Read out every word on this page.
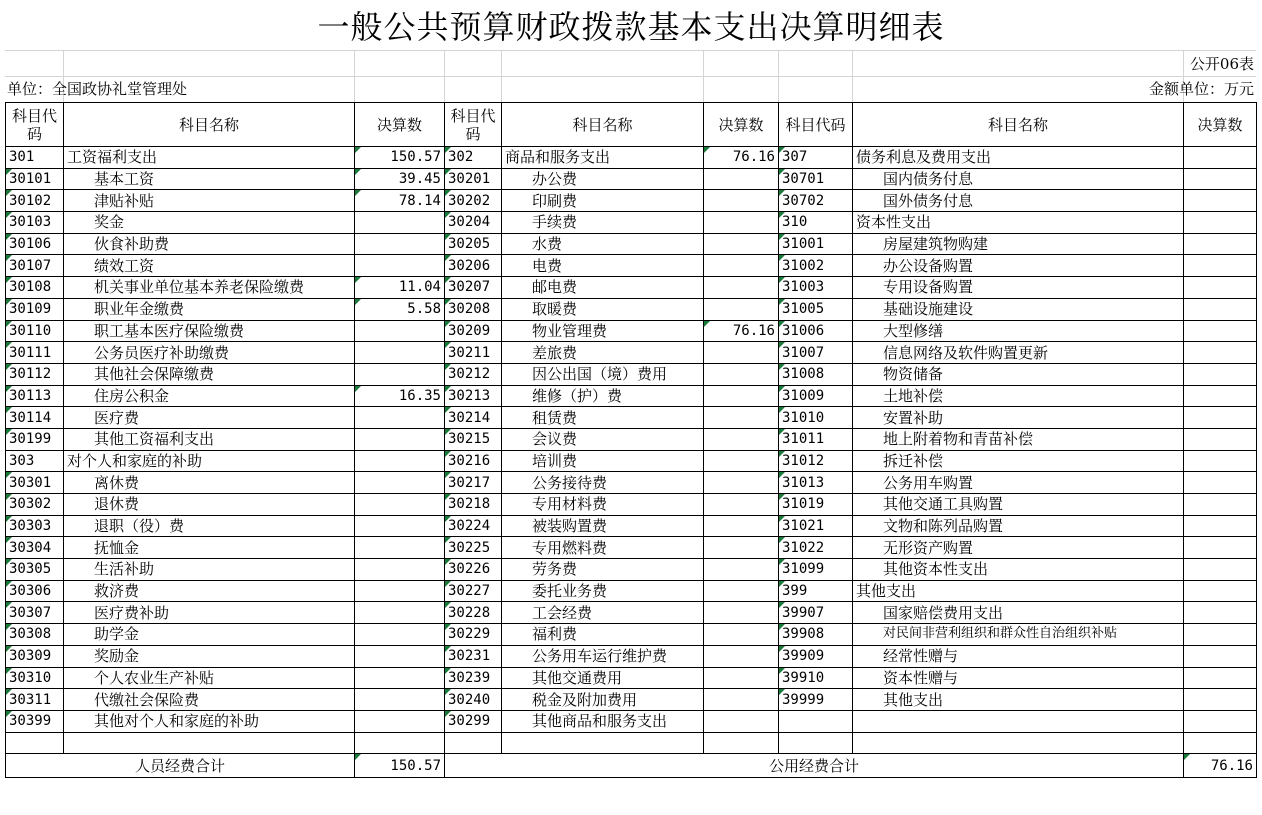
一般公共预算财政拨款基本支出决算明细表
公开06表
单位：全国政协礼堂管理处	金额单位：万元
科目代码	科目名称	决算数	科目代码	科目名称	决算数	科目代码	科目名称	决算数
301	工资福利支出	150.57	302	商品和服务支出	76.16	307	债务利息及费用支出	
30101	基本工资	39.45	30201	办公费		30701	国内债务付息	
30102	津贴补贴	78.14	30202	印刷费		30702	国外债务付息	
30103	奖金		30204	手续费		310	资本性支出	
30106	伙食补助费		30205	水费		31001	房屋建筑物购建	
30107	绩效工资		30206	电费		31002	办公设备购置	
30108	机关事业单位基本养老保险缴费	11.04	30207	邮电费		31003	专用设备购置	
30109	职业年金缴费	5.58	30208	取暖费		31005	基础设施建设	
30110	职工基本医疗保险缴费		30209	物业管理费	76.16	31006	大型修缮	
30111	公务员医疗补助缴费		30211	差旅费		31007	信息网络及软件购置更新	
30112	其他社会保障缴费		30212	因公出国（境）费用		31008	物资储备	
30113	住房公积金	16.35	30213	维修（护）费		31009	土地补偿	
30114	医疗费		30214	租赁费		31010	安置补助	
30199	其他工资福利支出		30215	会议费		31011	地上附着物和青苗补偿	
303	对个人和家庭的补助		30216	培训费		31012	拆迁补偿	
30301	离休费		30217	公务接待费		31013	公务用车购置	
30302	退休费		30218	专用材料费		31019	其他交通工具购置	
30303	退职（役）费		30224	被装购置费		31021	文物和陈列品购置	
30304	抚恤金		30225	专用燃料费		31022	无形资产购置	
30305	生活补助		30226	劳务费		31099	其他资本性支出	
30306	救济费		30227	委托业务费		399	其他支出	
30307	医疗费补助		30228	工会经费		39907	国家赔偿费用支出	
30308	助学金		30229	福利费		39908	对民间非营利组织和群众性自治组织补贴	
30309	奖励金		30231	公务用车运行维护费		39909	经常性赠与	
30310	个人农业生产补贴		30239	其他交通费用		39910	资本性赠与	
30311	代缴社会保险费		30240	税金及附加费用		39999	其他支出	
30399	其他对个人和家庭的补助		30299	其他商品和服务支出				

人员经费合计		150.57	公用经费合计					76.16
